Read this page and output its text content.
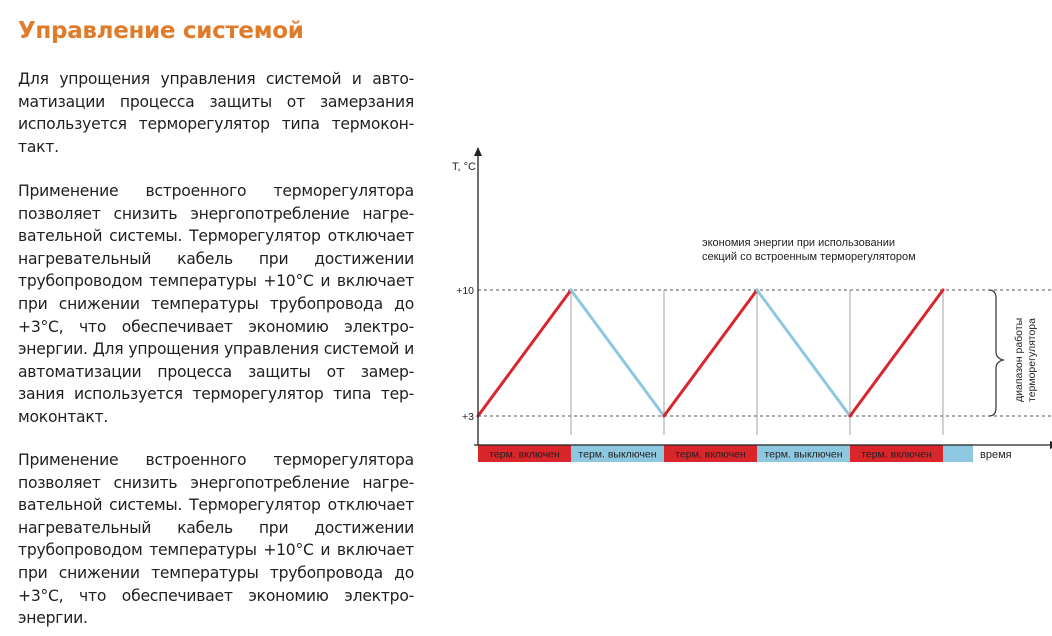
Управление системой

Для упрощения управления системой и авто-матизации процесса защиты от замерзания используется терморегулятор типа термокон-такт.

Применение встроенного терморегулятора позволяет снизить энергопотребление нагре-вательной системы. Терморегулятор отключает нагревательный кабель при достижении трубопроводом температуры +10°С и включает при снижении температуры трубопровода до +3°С, что обеспечивает экономию электро-энергии. Для упрощения управления системой и автоматизации процесса защиты от замер-зания используется терморегулятор типа тер-моконтакт.

Применение встроенного терморегулятора позволяет снизить энергопотребление нагре-вательной системы. Терморегулятор отключает нагревательный кабель при достижении трубопроводом температуры +10°С и включает при снижении температуры трубопровода до +3°С, что обеспечивает экономию электро-энергии.

терм. включен терм. выключен терм. включен терм. выключен терм. включен
T, °C
время
экономия энергии при использовании
секций со встроенным терморегулятором
диапазон работы терморегулятора
+3
+10
